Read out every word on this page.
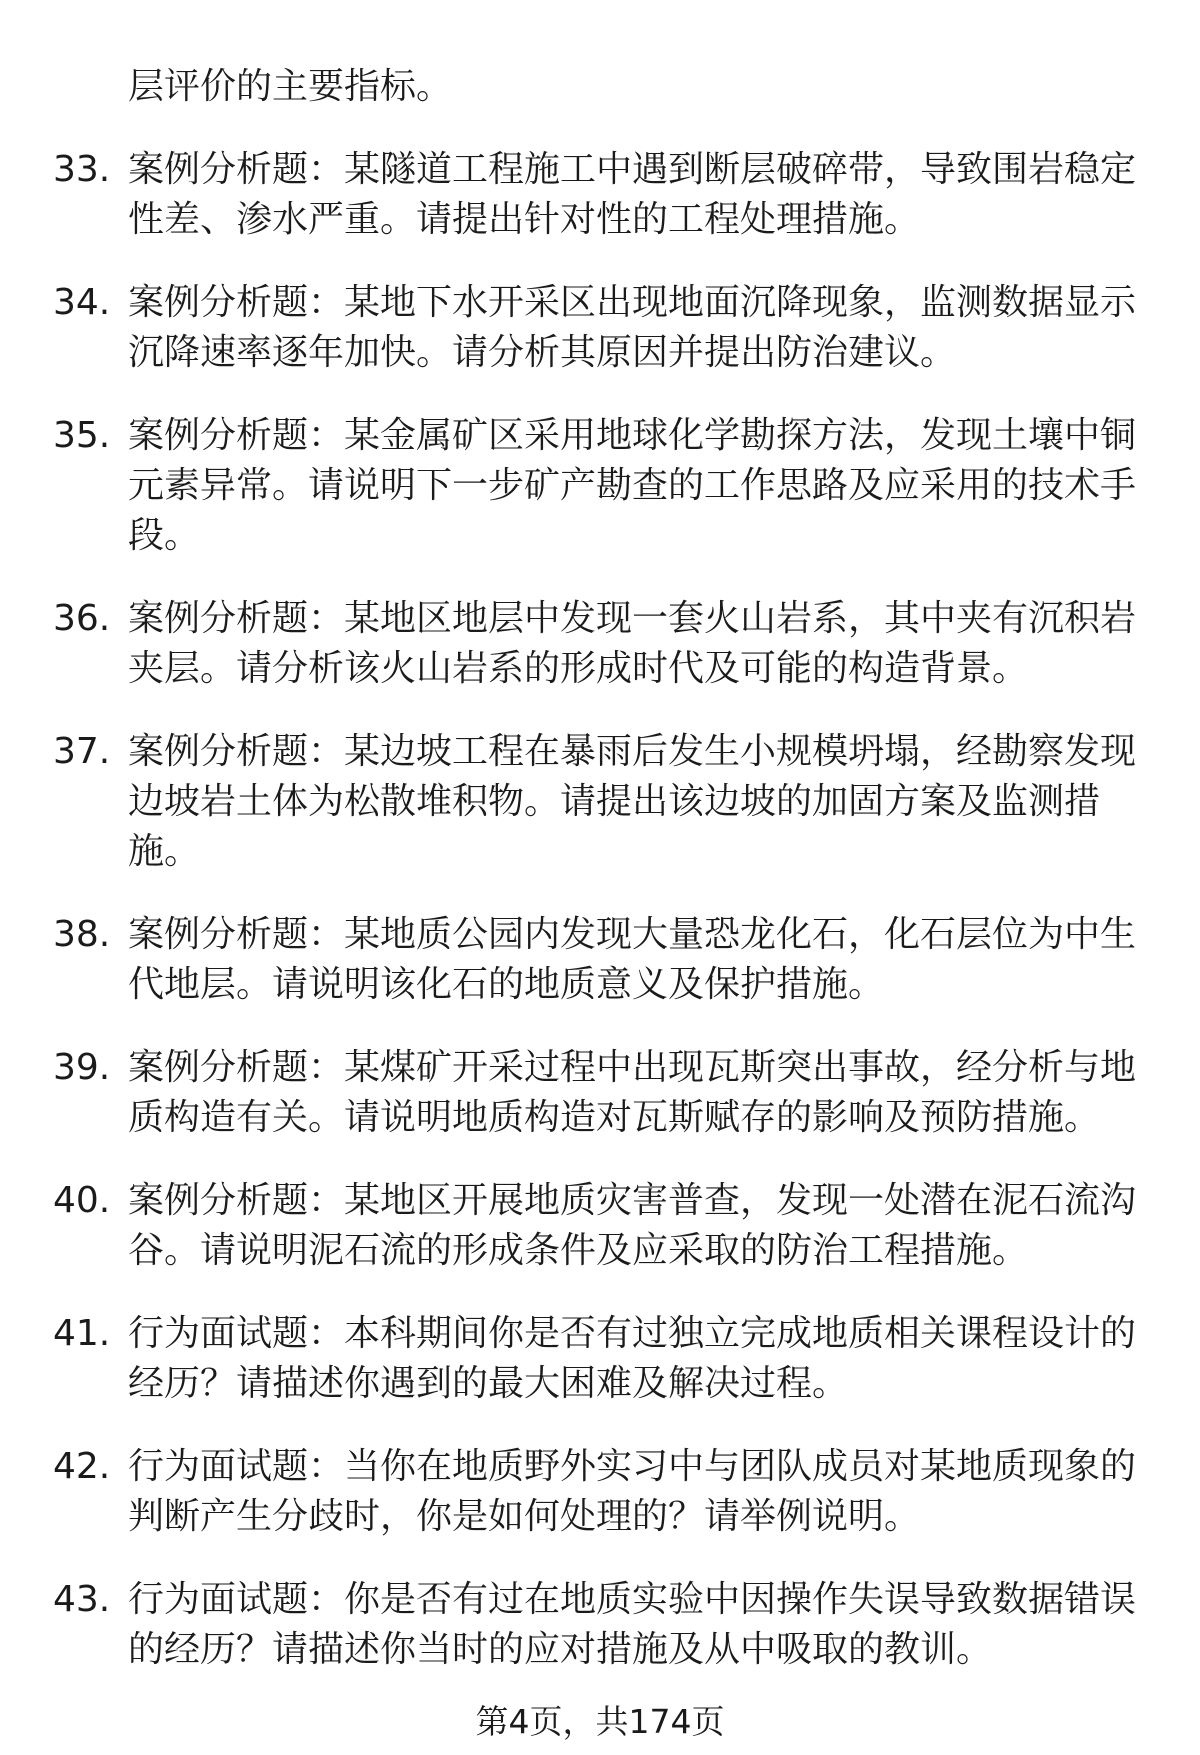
层评价的主要指标。
33. 案例分析题：某隧道工程施工中遇到断层破碎带，导致围岩稳定
性差、渗水严重。请提出针对性的工程处理措施。
34. 案例分析题：某地下水开采区出现地面沉降现象，监测数据显示
沉降速率逐年加快。请分析其原因并提出防治建议。
35. 案例分析题：某金属矿区采用地球化学勘探方法，发现土壤中铜
元素异常。请说明下一步矿产勘查的工作思路及应采用的技术手
段。
36. 案例分析题：某地区地层中发现一套火山岩系，其中夹有沉积岩
夹层。请分析该火山岩系的形成时代及可能的构造背景。
37. 案例分析题：某边坡工程在暴雨后发生小规模坍塌，经勘察发现
边坡岩土体为松散堆积物。请提出该边坡的加固方案及监测措
施。
38. 案例分析题：某地质公园内发现大量恐龙化石，化石层位为中生
代地层。请说明该化石的地质意义及保护措施。
39. 案例分析题：某煤矿开采过程中出现瓦斯突出事故，经分析与地
质构造有关。请说明地质构造对瓦斯赋存的影响及预防措施。
40. 案例分析题：某地区开展地质灾害普查，发现一处潜在泥石流沟
谷。请说明泥石流的形成条件及应采取的防治工程措施。
41. 行为面试题：本科期间你是否有过独立完成地质相关课程设计的
经历？请描述你遇到的最大困难及解决过程。
42. 行为面试题：当你在地质野外实习中与团队成员对某地质现象的
判断产生分歧时，你是如何处理的？请举例说明。
43. 行为面试题：你是否有过在地质实验中因操作失误导致数据错误
的经历？请描述你当时的应对措施及从中吸取的教训。
第4页，共174页
